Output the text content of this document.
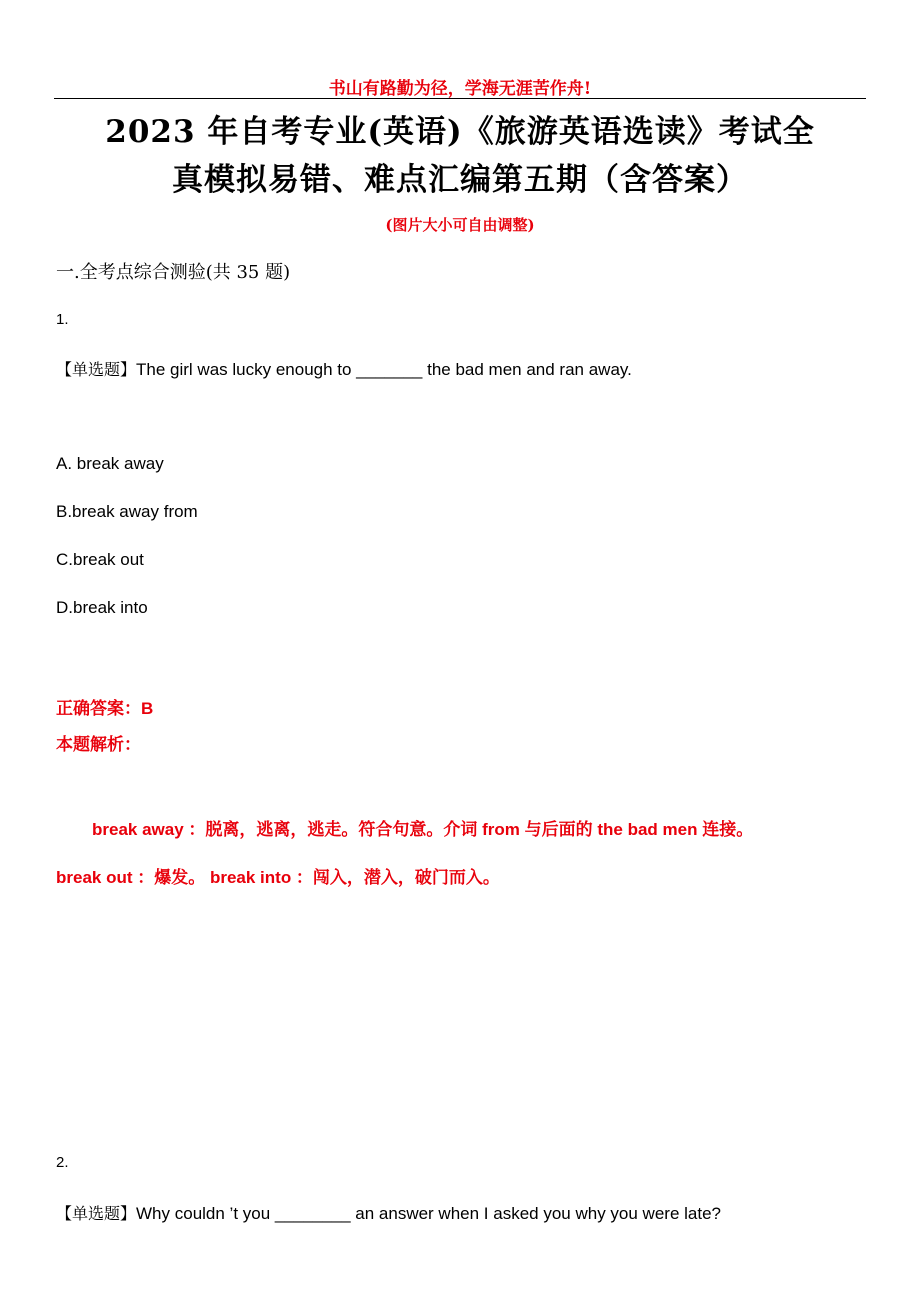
书山有路勤为径，学海无涯苦作舟!
2023 年自考专业(英语)《旅游英语选读》考试全
真模拟易错、难点汇编第五期（含答案）
(图片大小可自由调整)
一.全考点综合测验(共 35 题)
1.
【单选题】The girl was lucky enough to _______ the bad men and ran away.
A. break away
B.break away from
C.break out
D.break into
正确答案：B
本题解析：
break away ：脱离，逃离，逃走。符合句意。介词 from 与后面的 the bad men 连接。
break out ：爆发。 break into ：闯入，潜入，破门而入。
2.
【单选题】Why couldn ’t you ________ an answer when I asked you why you were late?
